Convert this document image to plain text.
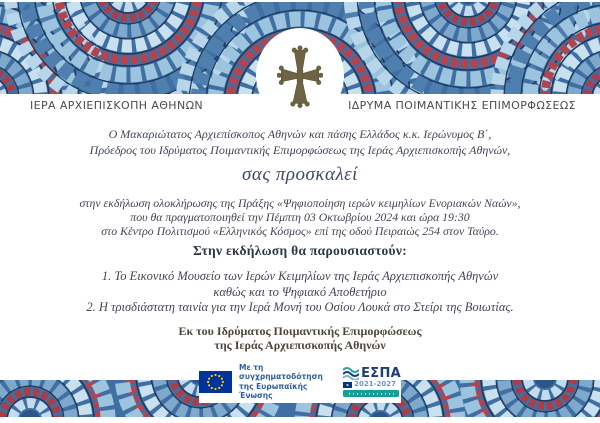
ΙΕΡΑ ΑΡΧΙΕΠΙΣΚΟΠΗ ΑΘΗΝΩΝ	ΙΔΡΥΜΑ ΠΟΙΜΑΝΤΙΚΗΣ ΕΠΙΜΟΡΦΩΣΕΩΣ
Ο Μακαριώτατος Αρχιεπίσκοπος Αθηνών και πάσης Ελλάδος κ.κ. Ιερώνυμος Β΄,
Πρόεδρος του Ιδρύματος Ποιμαντικής Επιμορφώσεως της Ιεράς Αρχιεπισκοπής Αθηνών,
σας προσκαλεί
στην εκδήλωση ολοκλήρωσης της Πράξης «Ψηφιοποίηση ιερών κειμηλίων Ενοριακών Ναών»,
που θα πραγματοποιηθεί την Πέμπτη 03 Οκτωβρίου 2024 και ώρα 19:30
στο Κέντρο Πολιτισμού «Ελληνικός Κόσμος» επί της οδού Πειραιώς 254 στον Ταύρο.
Στην εκδήλωση θα παρουσιαστούν:
1. Το Εικονικό Μουσείο των Ιερών Κειμηλίων της Ιεράς Αρχιεπισκοπής Αθηνών
καθώς και το Ψηφιακό Αποθετήριο
2. Η τρισδιάστατη ταινία για την Ιερά Μονή του Οσίου Λουκά στο Στείρι της Βοιωτίας.
Εκ του Ιδρύματος Ποιμαντικής Επιμορφώσεως
της Ιεράς Αρχιεπισκοπής Αθηνών
Με τη συγχρηματοδότηση
της Ευρωπαϊκής Ένωσης
ΕΣΠΑ
2021-2027
